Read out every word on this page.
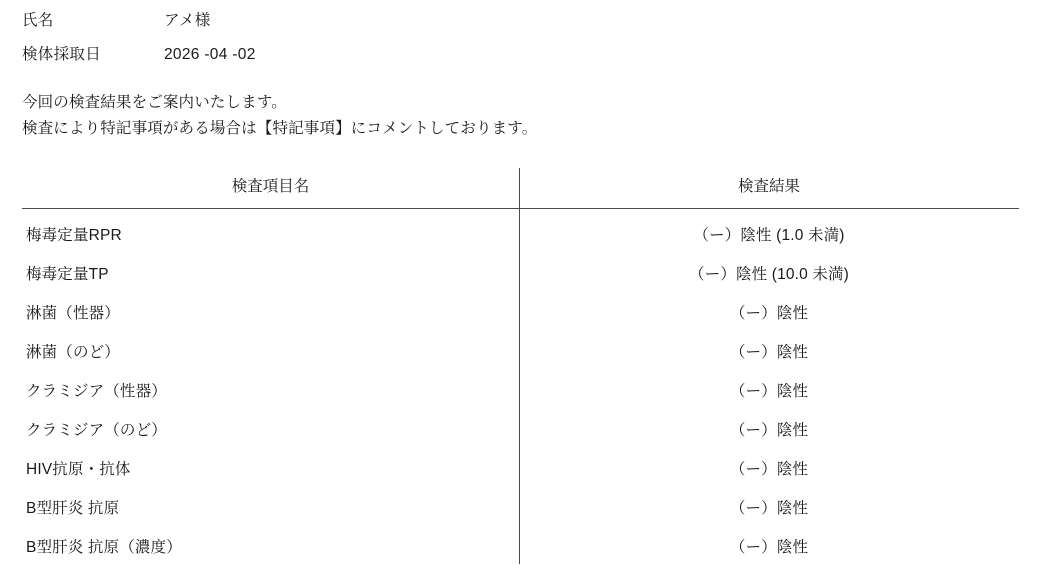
氏名	アメ様
検体採取日	2026 -04 -02
今回の検査結果をご案内いたします。
検査により特記事項がある場合は【特記事項】にコメントしております。
検査項目名	検査結果
梅毒定量RPR	（ー）陰性 (1.0 未満)
梅毒定量TP	（ー）陰性 (10.0 未満)
淋菌（性器）	（ー）陰性
淋菌（のど）	（ー）陰性
クラミジア（性器）	（ー）陰性
クラミジア（のど）	（ー）陰性
HIV抗原・抗体	（ー）陰性
B型肝炎 抗原	（ー）陰性
B型肝炎 抗原（濃度）	（ー）陰性
